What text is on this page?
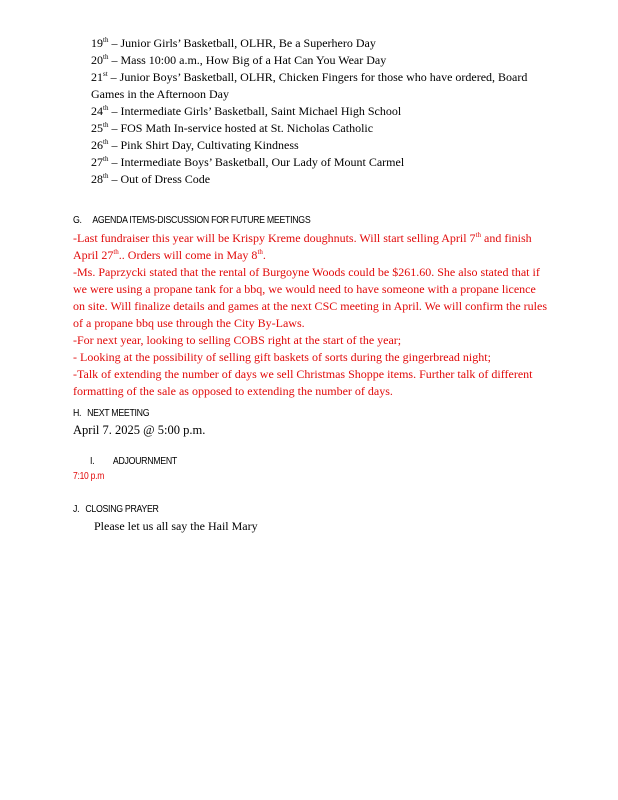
19th – Junior Girls’ Basketball, OLHR, Be a Superhero Day

20th – Mass 10:00 a.m., How Big of a Hat Can You Wear Day

21st – Junior Boys’ Basketball, OLHR, Chicken Fingers for those who have ordered, Board Games in the Afternoon Day

24th – Intermediate Girls’ Basketball, Saint Michael High School

25th – FOS Math In-service hosted at St. Nicholas Catholic

26th – Pink Shirt Day, Cultivating Kindness

27th – Intermediate Boys’ Basketball, Our Lady of Mount Carmel

28th – Out of Dress Code

G. AGENDA ITEMS-DISCUSSION FOR FUTURE MEETINGS

-Last fundraiser this year will be Krispy Kreme doughnuts. Will start selling April 7th and finish April 27th.. Orders will come in May 8th.

-Ms. Paprzycki stated that the rental of Burgoyne Woods could be $261.60. She also stated that if we were using a propane tank for a bbq, we would need to have someone with a propane licence on site. Will finalize details and games at the next CSC meeting in April. We will confirm the rules of a propane bbq use through the City By-Laws.

-For next year, looking to selling COBS right at the start of the year;

- Looking at the possibility of selling gift baskets of sorts during the gingerbread night;

-Talk of extending the number of days we sell Christmas Shoppe items. Further talk of different formatting of the sale as opposed to extending the number of days.

H. NEXT MEETING
April 7. 2025 @ 5:00 p.m.
I. ADJOURNMENT
7:10 p.m
J. CLOSING PRAYER
Please let us all say the Hail Mary
